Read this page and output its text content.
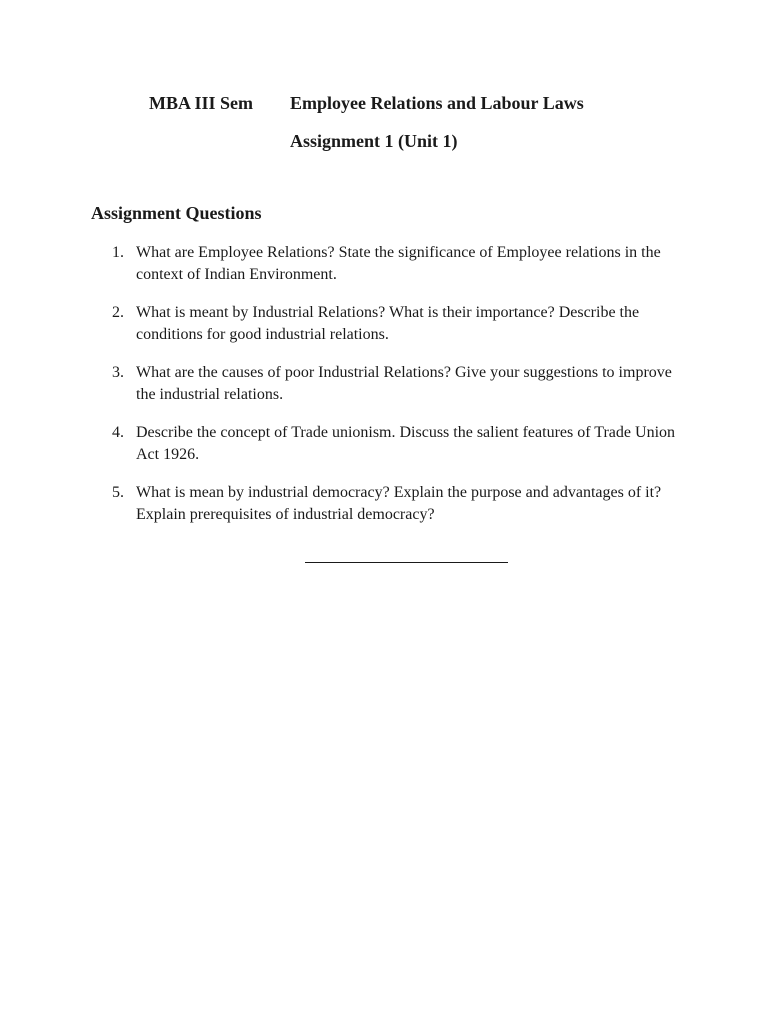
MBA III Sem Employee Relations and Labour Laws
Assignment 1 (Unit 1)
Assignment Questions
1. What are Employee Relations? State the significance of Employee relations in the context of Indian Environment.
2. What is meant by Industrial Relations? What is their importance? Describe the conditions for good industrial relations.
3. What are the causes of poor Industrial Relations? Give your suggestions to improve the industrial relations.
4. Describe the concept of Trade unionism. Discuss the salient features of Trade Union Act 1926.
5. What is mean by industrial democracy? Explain the purpose and advantages of it? Explain prerequisites of industrial democracy?
